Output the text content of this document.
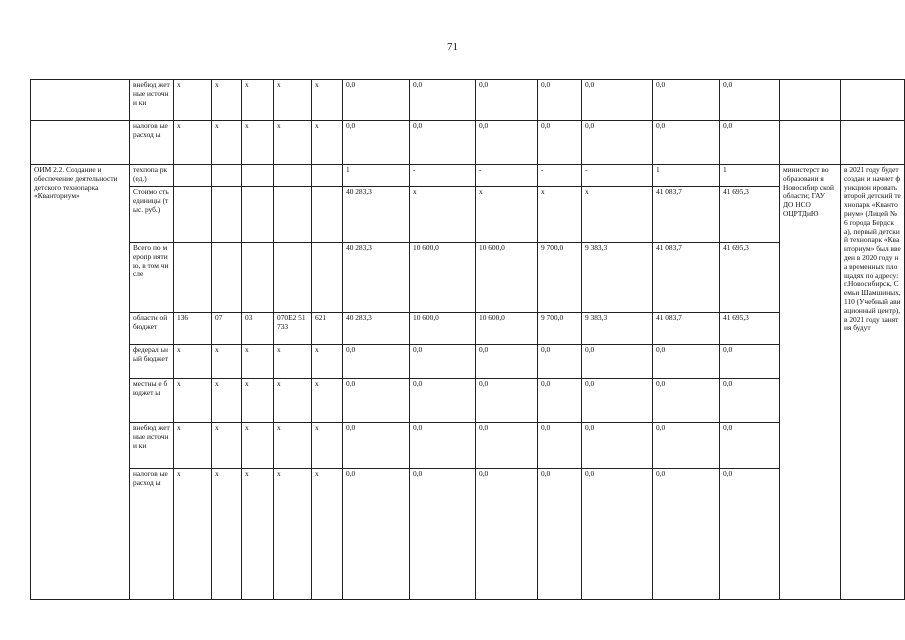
71
	внебюд жетные источни ки	x	x	x	x	x	0,0	0,0	0,0	0,0	0,0	0,0	0,0		
	налогов ые расход ы	x	x	x	x	x	0,0	0,0	0,0	0,0	0,0	0,0	0,0		
ОИМ 2.2. Создание и обеспечение деятельности детского технопарка «Кванториум»	техпопа рк (ед.)						1	-	-	-	-	1	1	министерст во образовани я Новосибир ской области; ГАУ ДО НСО ОЦРТДиЮ	в 2021 году будет создан и начнет функцион ировать второй детский технопарк «Кванториум» (Лицей № 6 города Бердска), первый детский технопарк «Кванториум» был введен в 2020 году на временных площадях по адресу: г.Новосибирск, Семьи Шамшиных, 110 (Учебный авиационный центр), в 2021 году занятия будут
	Стоимо сть единицы (тыс. руб.)						40 283,3	x	x	x	x	41 083,7	41 695,3		
	Всего по меропр иятию, в том числе						40 283,3	10 600,0	10 600,0	9 700,0	9 383,3	41 083,7	41 695,3		
	областн ой бюджет	136	07	03	070Е2 51733	621	40 283,3	10 600,0	10 600,0	9 700,0	9 383,3	41 083,7	41 695,3		
	федерал ьный бюджет	x	x	x	x	x	0,0	0,0	0,0	0,0	0,0	0,0	0,0		
	местны е бюджет ы	x	x	x	x	x	0,0	0,0	0,0	0,0	0,0	0,0	0,0		
	внебюд жетные источни ки	x	x	x	x	x	0,0	0,0	0,0	0,0	0,0	0,0	0,0		
	налогов ые расход ы	x	x	x	x	x	0,0	0,0	0,0	0,0	0,0	0,0	0,0		
